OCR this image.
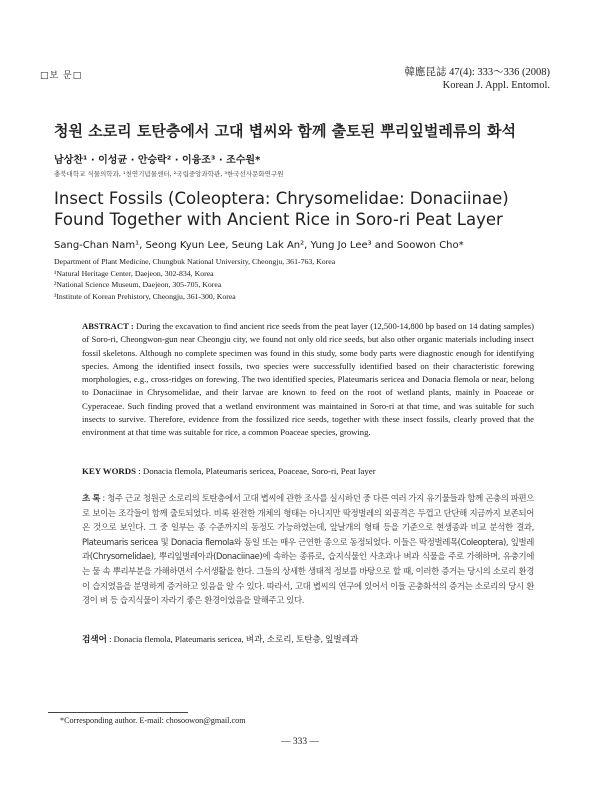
□보 문□	韓應昆誌 47(4): 333～336 (2008)
Korean J. Appl. Entomol.
청원 소로리 토탄층에서 고대 볍씨와 함께 출토된 뿌리잎벌레류의 화석
남상찬¹ · 이성균 · 안승락² · 이융조³ · 조수원*
충북대학교 식물의학과, ¹천연기념물센터, ²국립중앙과학관, ³한국선사문화연구원
Insect Fossils (Coleoptera: Chrysomelidae: Donaciinae) Found Together with Ancient Rice in Soro-ri Peat Layer
Sang-Chan Nam¹, Seong Kyun Lee, Seung Lak An², Yung Jo Lee³ and Soowon Cho*
Department of Plant Medicine, Chungbuk National University, Cheongju, 361-763, Korea
¹Natural Heritage Center, Daejeon, 302-834, Korea
²National Science Museum, Daejeon, 305-705, Korea
³Institute of Korean Prehistory, Cheongju, 361-300, Korea
ABSTRACT : During the excavation to find ancient rice seeds from the peat layer (12,500-14,800 bp based on 14 dating samples) of Soro-ri, Cheongwon-gun near Cheongju city, we found not only old rice seeds, but also other organic materials including insect fossil skeletons. Although no complete specimen was found in this study, some body parts were diagnostic enough for identifying species. Among the identified insect fossils, two species were successfully identified based on their characteristic forewing morphologies, e.g., cross-ridges on forewing. The two identified species, Plateumaris sericea and Donacia flemola or near, belong to Donaciinae in Chrysomelidae, and their larvae are known to feed on the root of wetland plants, mainly in Poaceae or Cyperaceae. Such finding proved that a wetland environment was maintained in Soro-ri at that time, and was suitable for such insects to survive. Therefore, evidence from the fossilized rice seeds, together with these insect fossils, clearly proved that the environment at that time was suitable for rice, a common Poaceae species, growing.
KEY WORDS : Donacia flemola, Plateumaris sericea, Poaceae, Soro-ri, Peat layer
초 록 : 청주 근교 청원군 소로리의 토탄층에서 고대 볍씨에 관한 조사를 실시하던 중 다른 여러 가지 유기물들과 함께 곤충의 파편으로 보이는 조각들이 함께 출토되었다. 비록 완전한 개체의 형태는 아니지만 딱정벌레의 외골격은 두껍고 단단해 지금까지 보존되어온 것으로 보인다. 그 중 일부는 종 수준까지의 동정도 가능하였는데, 앞날개의 형태 등을 기준으로 현생종과 비교 분석한 결과, Plateumaris sericea 및 Donacia flemola와 동일 또는 매우 근연한 종으로 동정되었다. 이들은 딱정벌레목(Coleoptera), 잎벌레과(Chrysomelidae), 뿌리잎벌레아과(Donaciinae)에 속하는 종류로, 습지식물인 사초과나 벼과 식물을 주로 가해하며, 유충기에는 물 속 뿌리부분을 가해하면서 수서생활을 한다. 그들의 상세한 생태적 정보를 바탕으로 할 때, 이러한 증거는 당시의 소로리 환경이 습지였음을 분명하게 증거하고 있음을 알 수 있다. 따라서, 고대 볍씨의 연구에 있어서 이들 곤충화석의 증거는 소로리의 당시 환경이 벼 등 습지식물이 자라기 좋은 환경이었음을 말해주고 있다.
검색어 : Donacia flemola, Plateumaris sericea, 벼과, 소로리, 토탄층, 잎벌레과
*Corresponding author. E-mail: chosoowon@gmail.com
— 333 —
